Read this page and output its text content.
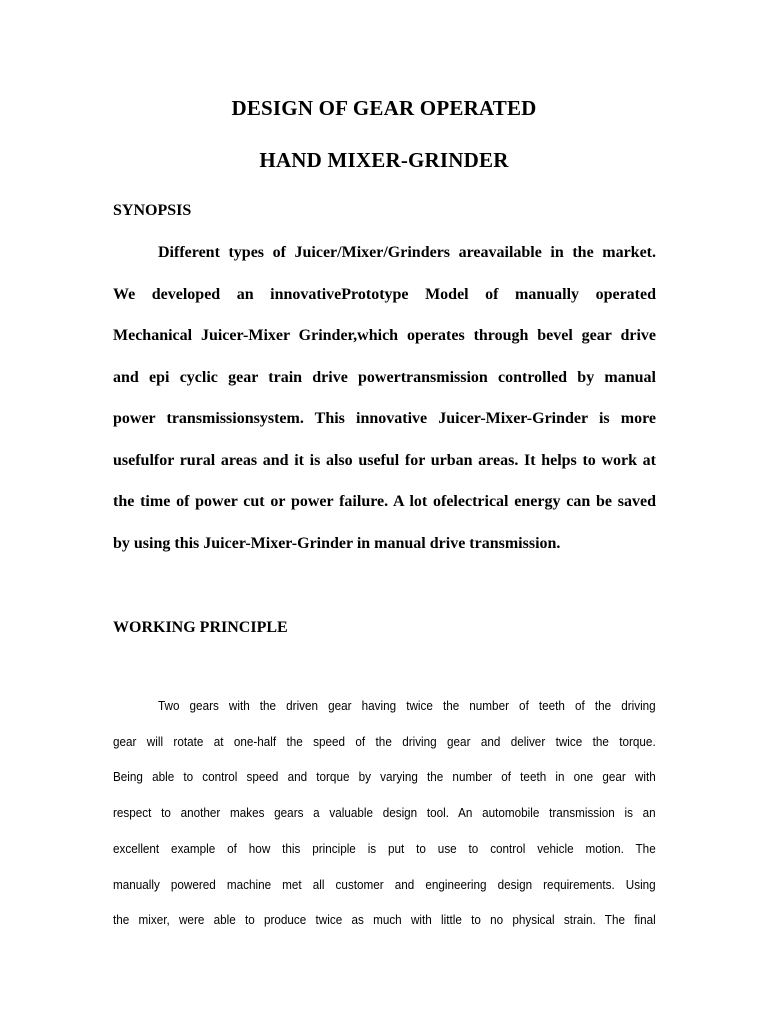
DESIGN OF GEAR OPERATED
HAND MIXER-GRINDER
SYNOPSIS
Different types of Juicer/Mixer/Grinders areavailable in the market.
We developed an innovativePrototype Model of manually operated
Mechanical Juicer-Mixer Grinder,which operates through bevel gear drive
and epi cyclic gear train drive powertransmission controlled by manual
power transmissionsystem. This innovative Juicer-Mixer-Grinder is more
usefulfor rural areas and it is also useful for urban areas. It helps to work at
the time of power cut or power failure. A lot ofelectrical energy can be saved
by using this Juicer-Mixer-Grinder in manual drive transmission.
WORKING PRINCIPLE
Two gears with the driven gear having twice the number of teeth of the driving
gear will rotate at one-half the speed of the driving gear and deliver twice the torque.
Being able to control speed and torque by varying the number of teeth in one gear with
respect to another makes gears a valuable design tool. An automobile transmission is an
excellent example of how this principle is put to use to control vehicle motion. The
manually powered machine met all customer and engineering design requirements. Using
the mixer, were able to produce twice as much with little to no physical strain. The final
